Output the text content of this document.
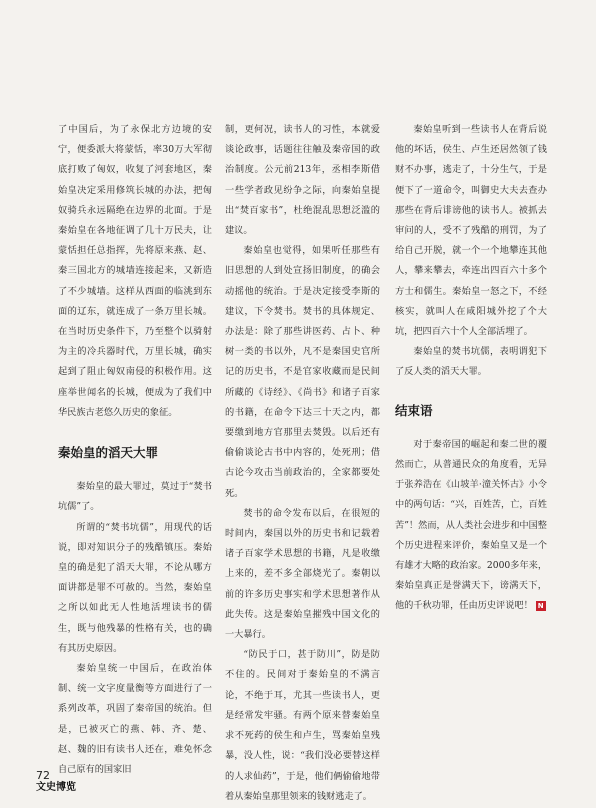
了中国后，为了永保北方边境的安宁，便委派大将蒙恬，率30万大军彻底打败了匈奴，收复了河套地区，秦始皇决定采用修筑长城的办法，把匈奴骑兵永远隔绝在边界的北面。于是秦始皇在各地征调了几十万民夫，让蒙恬担任总指挥，先将原来燕、赵、秦三国北方的城墙连接起来，又新造了不少城墙。这样从西面的临洮到东面的辽东，就连成了一条万里长城。在当时历史条件下，乃至整个以骑射为主的冷兵器时代，万里长城，确实起到了阻止匈奴南侵的积极作用。这座举世闻名的长城，便成为了我们中华民族古老悠久历史的象征。

秦始皇的滔天大罪

秦始皇的最大罪过，莫过于“焚书坑儒”了。

所谓的“焚书坑儒”，用现代的话说，即对知识分子的残酷镇压。秦始皇的确是犯了滔天大罪，不论从哪方面讲都是罪不可赦的。当然，秦始皇之所以如此无人性地活埋读书的儒生，既与他残暴的性格有关，也的确有其历史原因。

秦始皇统一中国后，在政治体制、统一文字度量衡等方面进行了一系列改革，巩固了秦帝国的统治。但是，已被灭亡的燕、韩、齐、楚、赵、魏的旧有读书人还在，难免怀念自己原有的国家旧

制，更何况，读书人的习性，本就爱谈论政事，话题往往触及秦帝国的政治制度。公元前213年，丞相李斯借一些学者政见纷争之际，向秦始皇提出“焚百家书”，杜绝混乱思想泛滥的建议。

秦始皇也觉得，如果听任那些有旧思想的人到处宣扬旧制度，的确会动摇他的统治。于是决定接受李斯的建议，下令焚书。焚书的具体规定、办法是：除了那些讲医药、占卜、种树一类的书以外，凡不是秦国史官所记的历史书，不是官家收藏而是民间所藏的《诗经》、《尚书》和诸子百家的书籍，在命令下达三十天之内，都要缴到地方官那里去焚毁。以后还有偷偷谈论古书中内容的，处死刑；借古论今攻击当前政治的，全家都要处死。

焚书的命令发布以后，在很短的时间内，秦国以外的历史书和记载着诸子百家学术思想的书籍，凡是收缴上来的，差不多全部烧光了。秦朝以前的许多历史事实和学术思想著作从此失传。这是秦始皇摧残中国文化的一大暴行。

“防民于口，甚于防川”，防是防不住的。民间对于秦始皇的不满言论，不绝于耳，尤其一些读书人，更是经常发牢骚。有两个原来替秦始皇求不死药的侯生和卢生，骂秦始皇残暴，没人性，说：“我们没必要替这样的人求仙药”，于是，他们俩偷偷地带着从秦始皇那里领来的钱财逃走了。

秦始皇听到一些读书人在背后说他的坏话，侯生、卢生还居然领了钱财不办事，逃走了，十分生气，于是便下了一道命令，叫御史大夫去查办那些在背后诽谤他的读书人。被抓去审问的人，受不了残酷的刑罚，为了给自己开脱，就一个一个地攀连其他人，攀来攀去，牵连出四百六十多个方士和儒生。秦始皇一怒之下，不经核实，就叫人在咸阳城外挖了个大坑，把四百六十个人全部活埋了。

秦始皇的焚书坑儒，表明谓犯下了反人类的滔天大罪。

结束语

对于秦帝国的崛起和秦二世的覆然而亡，从普通民众的角度看，无异于张养浩在《山坡羊·潼关怀古》小令中的两句话：“兴，百姓苦，亡，百姓苦”！然而，从人类社会进步和中国整个历史进程来评价，秦始皇又是一个有雄才大略的政治家。2000多年来，秦始皇真正是誉满天下，谤满天下，他的千秋功罪，任由历史评说吧！ N

72
文史博览
